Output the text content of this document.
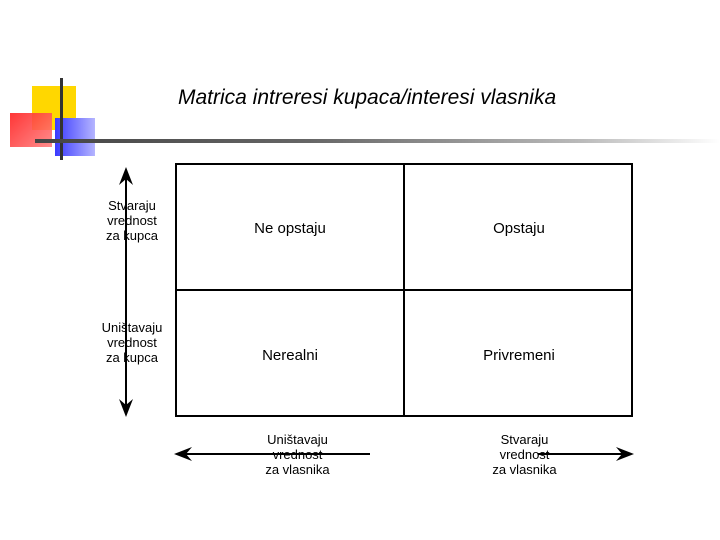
Matrica intreresi kupaca/interesi vlasnika
Stvaraju
vrednost
za kupca
Uništavaju
vrednost
za kupca
Ne opstaju	Opstaju
Nerealni	Privremeni
Uništavaju
vrednost
za vlasnika
Stvaraju
vrednost
za vlasnika
